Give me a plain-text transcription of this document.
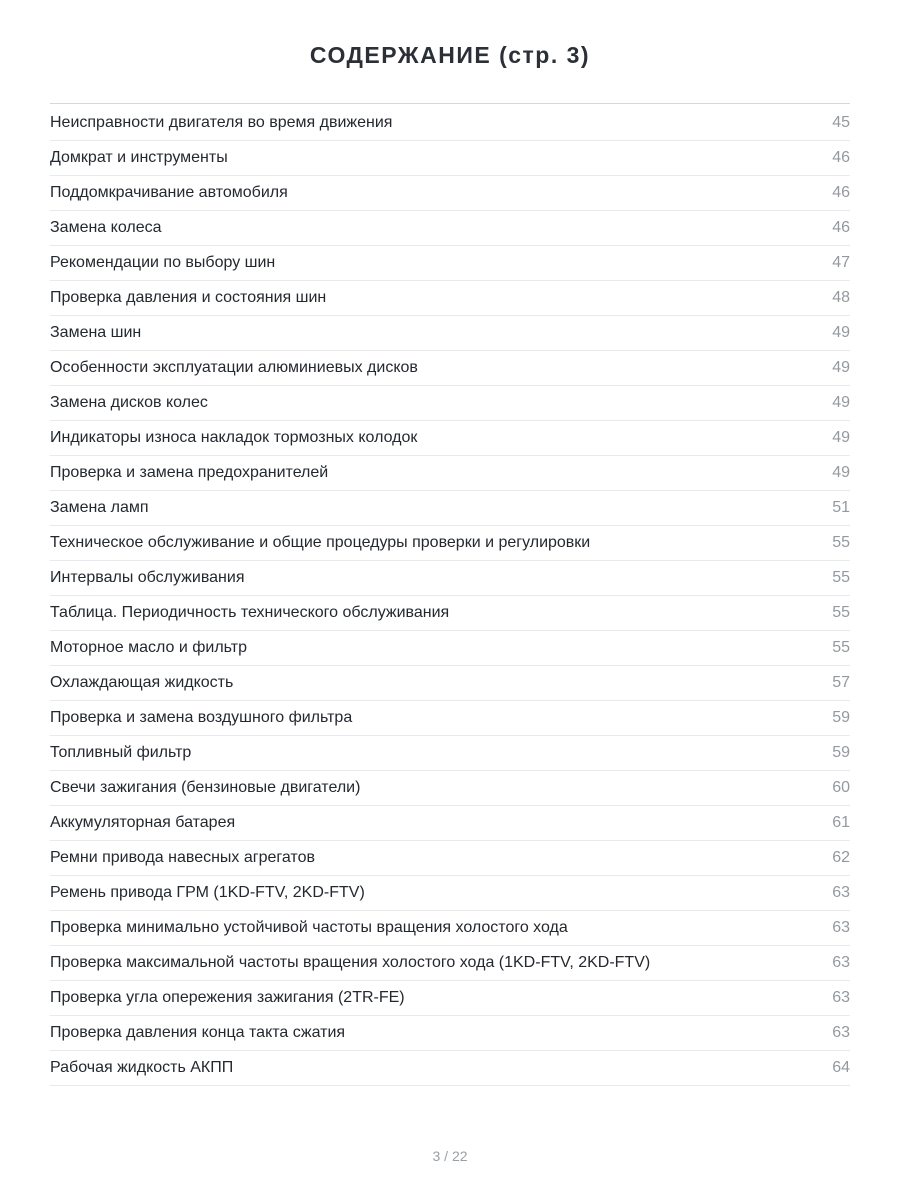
СОДЕРЖАНИЕ (стр. 3)
Неисправности двигателя во время движения	45
Домкрат и инструменты	46
Поддомкрачивание автомобиля	46
Замена колеса	46
Рекомендации по выбору шин	47
Проверка давления и состояния шин	48
Замена шин	49
Особенности эксплуатации алюминиевых дисков	49
Замена дисков колес	49
Индикаторы износа накладок тормозных колодок	49
Проверка и замена предохранителей	49
Замена ламп	51
Техническое обслуживание и общие процедуры проверки и регулировки	55
Интервалы обслуживания	55
Таблица. Периодичность технического обслуживания	55
Моторное масло и фильтр	55
Охлаждающая жидкость	57
Проверка и замена воздушного фильтра	59
Топливный фильтр	59
Свечи зажигания (бензиновые двигатели)	60
Аккумуляторная батарея	61
Ремни привода навесных агрегатов	62
Ремень привода ГРМ (1KD-FTV, 2KD-FTV)	63
Проверка минимально устойчивой частоты вращения холостого хода	63
Проверка максимальной частоты вращения холостого хода (1KD-FTV, 2KD-FTV)	63
Проверка угла опережения зажигания (2TR-FE)	63
Проверка давления конца такта сжатия	63
Рабочая жидкость АКПП	64
3 / 22
